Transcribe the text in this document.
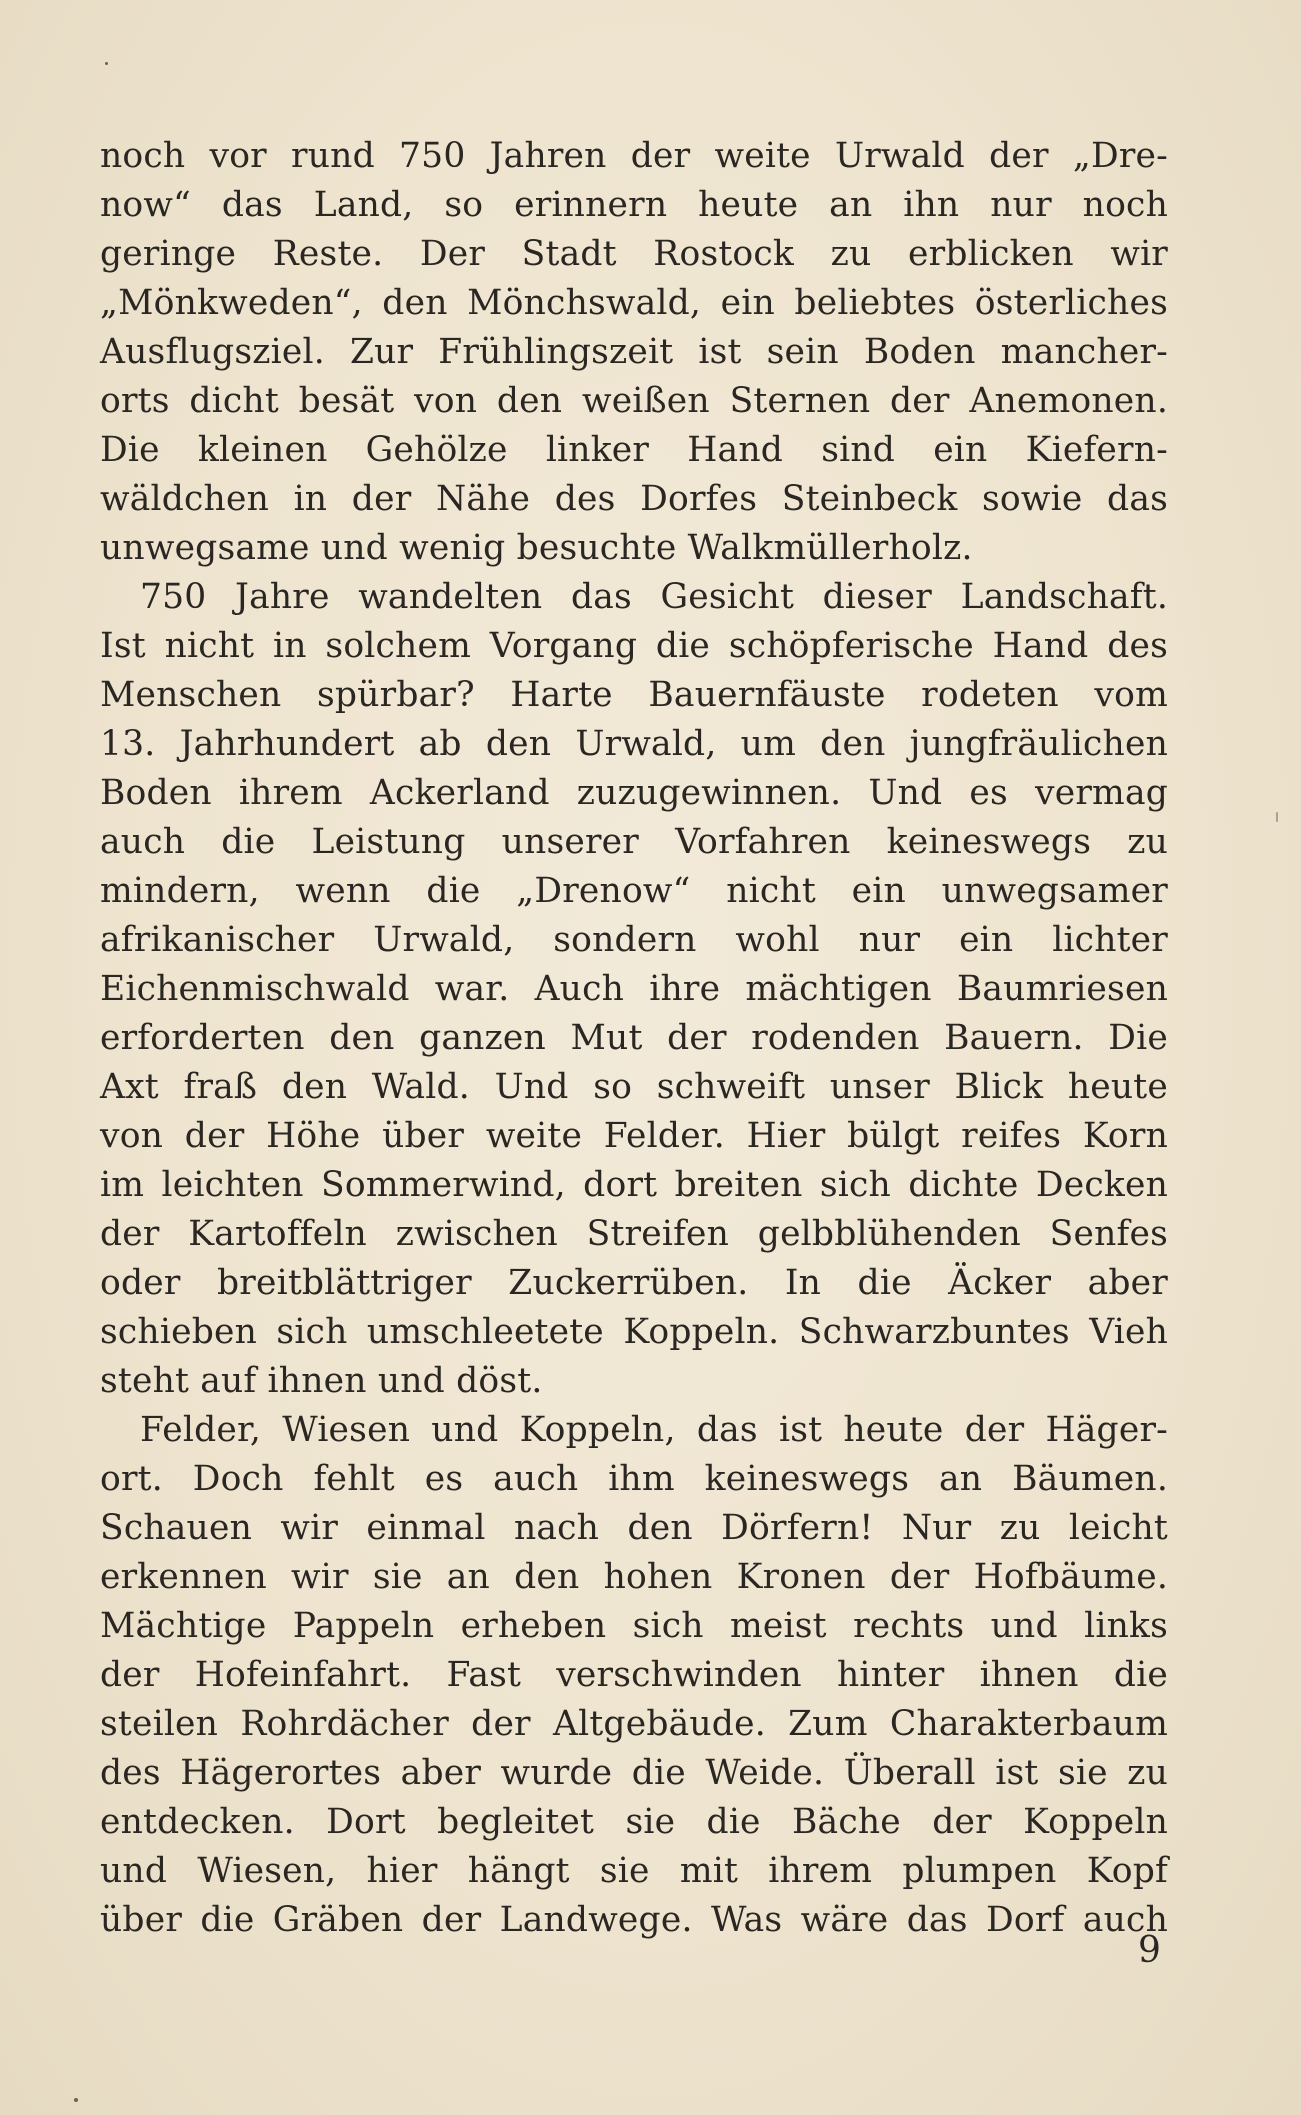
noch vor rund 750 Jahren der weite Urwald der „Dre-
now“ das Land, so erinnern heute an ihn nur noch
geringe Reste. Der Stadt Rostock zu erblicken wir
„Mönkweden“, den Mönchswald, ein beliebtes österliches
Ausflugsziel. Zur Frühlingszeit ist sein Boden mancher-
orts dicht besät von den weißen Sternen der Anemonen.
Die kleinen Gehölze linker Hand sind ein Kiefern-
wäldchen in der Nähe des Dorfes Steinbeck sowie das
unwegsame und wenig besuchte Walkmüllerholz.
750 Jahre wandelten das Gesicht dieser Landschaft.
Ist nicht in solchem Vorgang die schöpferische Hand des
Menschen spürbar? Harte Bauernfäuste rodeten vom
13. Jahrhundert ab den Urwald, um den jungfräulichen
Boden ihrem Ackerland zuzugewinnen. Und es vermag
auch die Leistung unserer Vorfahren keineswegs zu
mindern, wenn die „Drenow“ nicht ein unwegsamer
afrikanischer Urwald, sondern wohl nur ein lichter
Eichenmischwald war. Auch ihre mächtigen Baumriesen
erforderten den ganzen Mut der rodenden Bauern. Die
Axt fraß den Wald. Und so schweift unser Blick heute
von der Höhe über weite Felder. Hier bülgt reifes Korn
im leichten Sommerwind, dort breiten sich dichte Decken
der Kartoffeln zwischen Streifen gelbblühenden Senfes
oder breitblättriger Zuckerrüben. In die Äcker aber
schieben sich umschleetete Koppeln. Schwarzbuntes Vieh
steht auf ihnen und döst.
Felder, Wiesen und Koppeln, das ist heute der Häger-
ort. Doch fehlt es auch ihm keineswegs an Bäumen.
Schauen wir einmal nach den Dörfern! Nur zu leicht
erkennen wir sie an den hohen Kronen der Hofbäume.
Mächtige Pappeln erheben sich meist rechts und links
der Hofeinfahrt. Fast verschwinden hinter ihnen die
steilen Rohrdächer der Altgebäude. Zum Charakterbaum
des Hägerortes aber wurde die Weide. Überall ist sie zu
entdecken. Dort begleitet sie die Bäche der Koppeln
und Wiesen, hier hängt sie mit ihrem plumpen Kopf
über die Gräben der Landwege. Was wäre das Dorf auch
9
